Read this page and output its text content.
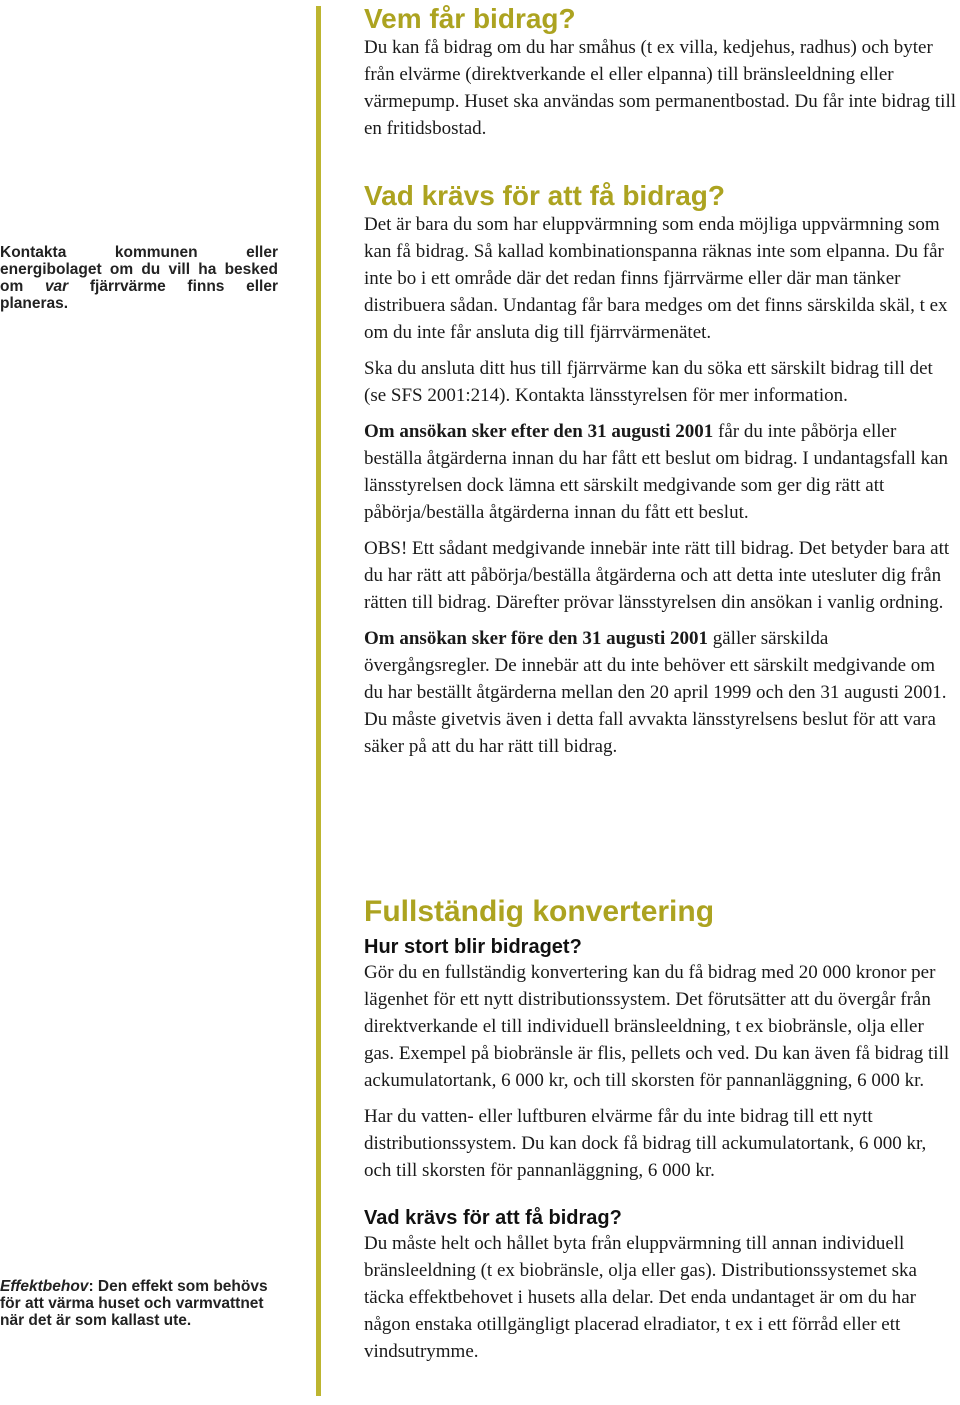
Kontakta kommunen eller energibolaget om du vill ha besked om var fjärrvärme finns eller planeras.
Effektbehov: Den effekt som behövs för att värma huset och varmvattnet när det är som kallast ute.
Vem får bidrag?

Du kan få bidrag om du har småhus (t ex villa, kedjehus, radhus) och byter från elvärme (direktverkande el eller elpanna) till bränsleeldning eller värmepump. Huset ska användas som permanentbostad. Du får inte bidrag till en fritidsbostad.

Vad krävs för att få bidrag?

Det är bara du som har eluppvärmning som enda möjliga uppvärmning som kan få bidrag. Så kallad kombinationspanna räknas inte som elpanna. Du får inte bo i ett område där det redan finns fjärrvärme eller där man tänker distribuera sådan. Undantag får bara medges om det finns särskilda skäl, t ex om du inte får ansluta dig till fjärrvärmenätet.

Ska du ansluta ditt hus till fjärrvärme kan du söka ett särskilt bidrag till det (se SFS 2001:214). Kontakta länsstyrelsen för mer information.

Om ansökan sker efter den 31 augusti 2001 får du inte påbörja eller beställa åtgärderna innan du har fått ett beslut om bidrag. I undantagsfall kan länsstyrelsen dock lämna ett särskilt medgivande som ger dig rätt att påbörja/beställa åtgärderna innan du fått ett beslut.

OBS! Ett sådant medgivande innebär inte rätt till bidrag. Det betyder bara att du har rätt att påbörja/beställa åtgärderna och att detta inte utesluter dig från rätten till bidrag. Därefter prövar länsstyrelsen din ansökan i vanlig ordning.

Om ansökan sker före den 31 augusti 2001 gäller särskilda övergångsregler. De innebär att du inte behöver ett särskilt medgivande om du har beställt åtgärderna mellan den 20 april 1999 och den 31 augusti 2001. Du måste givetvis även i detta fall avvakta länsstyrelsens beslut för att vara säker på att du har rätt till bidrag.

Fullständig konvertering
Hur stort blir bidraget?

Gör du en fullständig konvertering kan du få bidrag med 20 000 kronor per lägenhet för ett nytt distributionssystem. Det förutsätter att du övergår från direktverkande el till individuell bränsleeldning, t ex biobränsle, olja eller gas. Exempel på biobränsle är flis, pellets och ved. Du kan även få bidrag till ackumulatortank, 6 000 kr, och till skorsten för pannanläggning, 6 000 kr.

Har du vatten- eller luftburen elvärme får du inte bidrag till ett nytt distributionssystem. Du kan dock få bidrag till ackumulatortank, 6 000 kr, och till skorsten för pannanläggning, 6 000 kr.

Vad krävs för att få bidrag?

Du måste helt och hållet byta från eluppvärmning till annan individuell bränsleeldning (t ex biobränsle, olja eller gas). Distributionssystemet ska täcka effektbehovet i husets alla delar. Det enda undantaget är om du har någon enstaka otillgängligt placerad elradiator, t ex i ett förråd eller ett vindsutrymme.
